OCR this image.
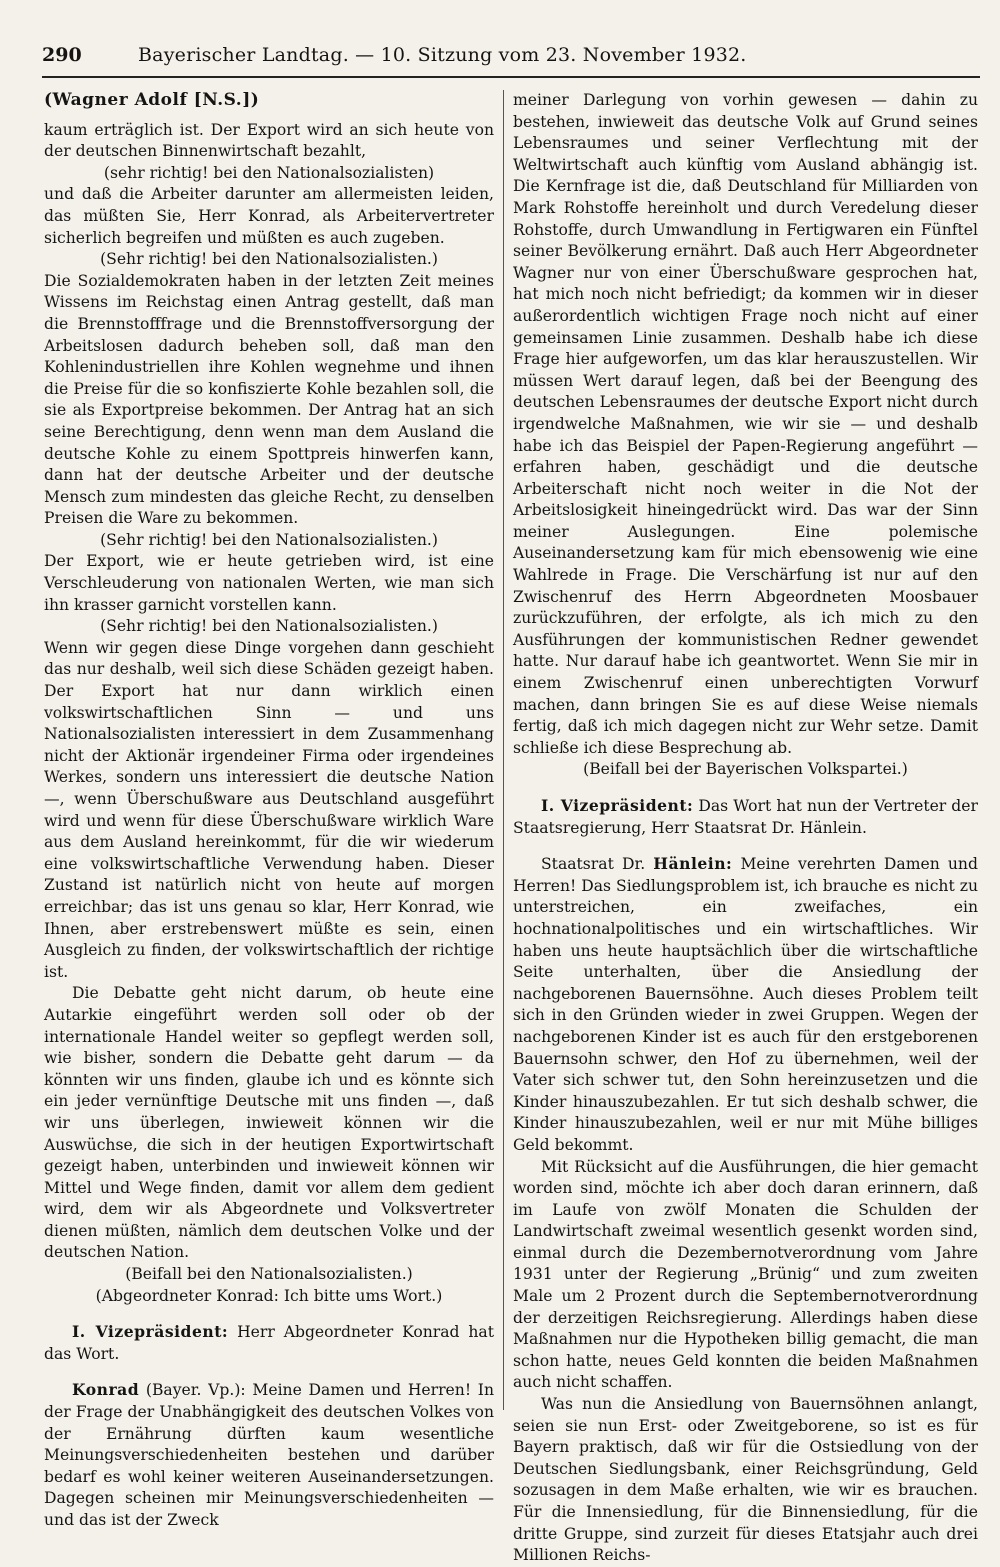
290	Bayerischer Landtag. — 10. Sitzung vom 23. November 1932.

(Wagner Adolf [N.S.])

kaum erträglich ist. Der Export wird an sich heute von der deutschen Binnenwirtschaft bezahlt,

(sehr richtig! bei den Nationalsozialisten)

und daß die Arbeiter darunter am allermeisten leiden, das müßten Sie, Herr Konrad, als Arbeitervertreter sicherlich begreifen und müßten es auch zugeben.

(Sehr richtig! bei den Nationalsozialisten.)

Die Sozialdemokraten haben in der letzten Zeit meines Wissens im Reichstag einen Antrag gestellt, daß man die Brennstofffrage und die Brennstoffversorgung der Arbeitslosen dadurch beheben soll, daß man den Kohlenindustriellen ihre Kohlen wegnehme und ihnen die Preise für die so konfiszierte Kohle bezahlen soll, die sie als Exportpreise bekommen. Der Antrag hat an sich seine Berechtigung, denn wenn man dem Ausland die deutsche Kohle zu einem Spottpreis hinwerfen kann, dann hat der deutsche Arbeiter und der deutsche Mensch zum mindesten das gleiche Recht, zu denselben Preisen die Ware zu bekommen.

(Sehr richtig! bei den Nationalsozialisten.)

Der Export, wie er heute getrieben wird, ist eine Verschleuderung von nationalen Werten, wie man sich ihn krasser garnicht vorstellen kann.

(Sehr richtig! bei den Nationalsozialisten.)

Wenn wir gegen diese Dinge vorgehen dann geschieht das nur deshalb, weil sich diese Schäden gezeigt haben. Der Export hat nur dann wirklich einen volkswirtschaftlichen Sinn — und uns Nationalsozialisten interessiert in dem Zusammenhang nicht der Aktionär irgendeiner Firma oder irgendeines Werkes, sondern uns interessiert die deutsche Nation —, wenn Überschußware aus Deutschland ausgeführt wird und wenn für diese Überschußware wirklich Ware aus dem Ausland hereinkommt, für die wir wiederum eine volkswirtschaftliche Verwendung haben. Dieser Zustand ist natürlich nicht von heute auf morgen erreichbar; das ist uns genau so klar, Herr Konrad, wie Ihnen, aber erstrebenswert müßte es sein, einen Ausgleich zu finden, der volkswirtschaftlich der richtige ist.

Die Debatte geht nicht darum, ob heute eine Autarkie eingeführt werden soll oder ob der internationale Handel weiter so gepflegt werden soll, wie bisher, sondern die Debatte geht darum — da könnten wir uns finden, glaube ich und es könnte sich ein jeder vernünftige Deutsche mit uns finden —, daß wir uns überlegen, inwieweit können wir die Auswüchse, die sich in der heutigen Exportwirtschaft gezeigt haben, unterbinden und inwieweit können wir Mittel und Wege finden, damit vor allem dem gedient wird, dem wir als Abgeordnete und Volksvertreter dienen müßten, nämlich dem deutschen Volke und der deutschen Nation.

(Beifall bei den Nationalsozialisten.)

(Abgeordneter Konrad: Ich bitte ums Wort.)

I. Vizepräsident: Herr Abgeordneter Konrad hat das Wort.

Konrad (Bayer. Vp.): Meine Damen und Herren! In der Frage der Unabhängigkeit des deutschen Volkes von der Ernährung dürften kaum wesentliche Meinungsverschiedenheiten bestehen und darüber bedarf es wohl keiner weiteren Auseinandersetzungen. Dagegen scheinen mir Meinungsverschiedenheiten — und das ist der Zweck

meiner Darlegung von vorhin gewesen — dahin zu bestehen, inwieweit das deutsche Volk auf Grund seines Lebensraumes und seiner Verflechtung mit der Weltwirtschaft auch künftig vom Ausland abhängig ist. Die Kernfrage ist die, daß Deutschland für Milliarden von Mark Rohstoffe hereinholt und durch Veredelung dieser Rohstoffe, durch Umwandlung in Fertigwaren ein Fünftel seiner Bevölkerung ernährt. Daß auch Herr Abgeordneter Wagner nur von einer Überschußware gesprochen hat, hat mich noch nicht befriedigt; da kommen wir in dieser außerordentlich wichtigen Frage noch nicht auf einer gemeinsamen Linie zusammen. Deshalb habe ich diese Frage hier aufgeworfen, um das klar herauszustellen. Wir müssen Wert darauf legen, daß bei der Beengung des deutschen Lebensraumes der deutsche Export nicht durch irgendwelche Maßnahmen, wie wir sie — und deshalb habe ich das Beispiel der Papen-Regierung angeführt — erfahren haben, geschädigt und die deutsche Arbeiterschaft nicht noch weiter in die Not der Arbeitslosigkeit hineingedrückt wird. Das war der Sinn meiner Auslegungen. Eine polemische Auseinandersetzung kam für mich ebensowenig wie eine Wahlrede in Frage. Die Verschärfung ist nur auf den Zwischenruf des Herrn Abgeordneten Moosbauer zurückzuführen, der erfolgte, als ich mich zu den Ausführungen der kommunistischen Redner gewendet hatte. Nur darauf habe ich geantwortet. Wenn Sie mir in einem Zwischenruf einen unberechtigten Vorwurf machen, dann bringen Sie es auf diese Weise niemals fertig, daß ich mich dagegen nicht zur Wehr setze. Damit schließe ich diese Besprechung ab.

(Beifall bei der Bayerischen Volkspartei.)

I. Vizepräsident: Das Wort hat nun der Vertreter der Staatsregierung, Herr Staatsrat Dr. Hänlein.

Staatsrat Dr. Hänlein: Meine verehrten Damen und Herren! Das Siedlungsproblem ist, ich brauche es nicht zu unterstreichen, ein zweifaches, ein hochnationalpolitisches und ein wirtschaftliches. Wir haben uns heute hauptsächlich über die wirtschaftliche Seite unterhalten, über die Ansiedlung der nachgeborenen Bauernsöhne. Auch dieses Problem teilt sich in den Gründen wieder in zwei Gruppen. Wegen der nachgeborenen Kinder ist es auch für den erstgeborenen Bauernsohn schwer, den Hof zu übernehmen, weil der Vater sich schwer tut, den Sohn hereinzusetzen und die Kinder hinauszubezahlen. Er tut sich deshalb schwer, die Kinder hinauszubezahlen, weil er nur mit Mühe billiges Geld bekommt.

Mit Rücksicht auf die Ausführungen, die hier gemacht worden sind, möchte ich aber doch daran erinnern, daß im Laufe von zwölf Monaten die Schulden der Landwirtschaft zweimal wesentlich gesenkt worden sind, einmal durch die Dezembernotverordnung vom Jahre 1931 unter der Regierung „Brünig“ und zum zweiten Male um 2 Prozent durch die Septembernotverordnung der derzeitigen Reichsregierung. Allerdings haben diese Maßnahmen nur die Hypotheken billig gemacht, die man schon hatte, neues Geld konnten die beiden Maßnahmen auch nicht schaffen.

Was nun die Ansiedlung von Bauernsöhnen anlangt, seien sie nun Erst- oder Zweitgeborene, so ist es für Bayern praktisch, daß wir für die Ostsiedlung von der Deutschen Siedlungsbank, einer Reichsgründung, Geld sozusagen in dem Maße erhalten, wie wir es brauchen. Für die Innensiedlung, für die Binnensiedlung, für die dritte Gruppe, sind zurzeit für dieses Etatsjahr auch drei Millionen Reichs-
